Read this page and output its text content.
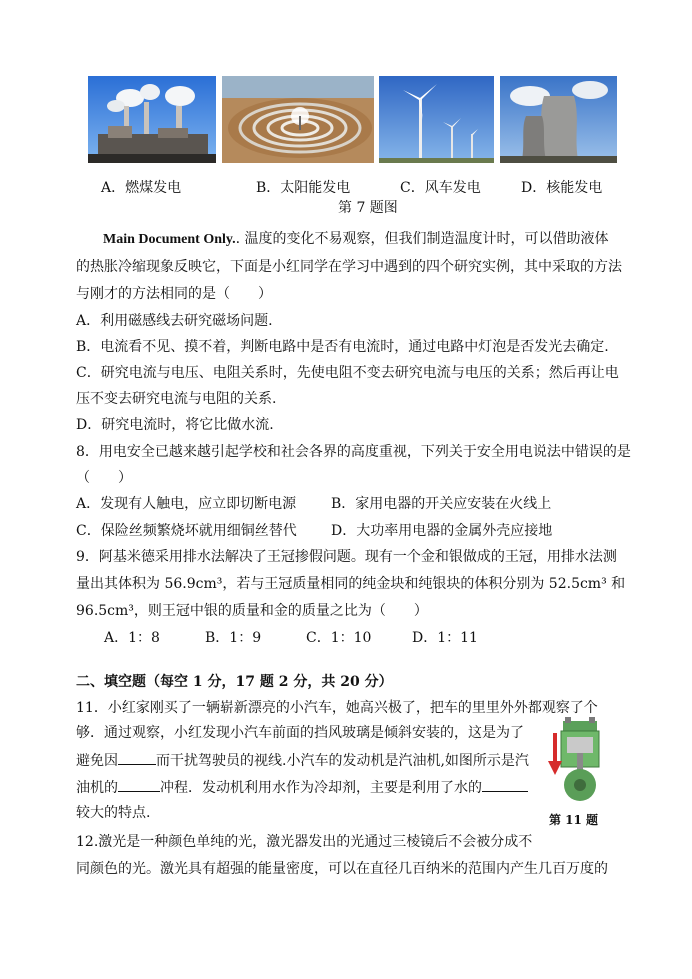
A．燃煤发电	B．太阳能发电	C．风车发电	D．核能发电
第 7 题图
Main Document Only.. 温度的变化不易观察，但我们制造温度计时，可以借助液体
的热胀冷缩现象反映它，下面是小红同学在学习中遇到的四个研究实例，其中采取的方法
与刚才的方法相同的是（　　）
A．利用磁感线去研究磁场问题.
B．电流看不见、摸不着，判断电路中是否有电流时，通过电路中灯泡是否发光去确定.
C．研究电流与电压、电阻关系时，先使电阻不变去研究电流与电压的关系；然后再让电
压不变去研究电流与电阻的关系.
D．研究电流时，将它比做水流.
8．用电安全已越来越引起学校和社会各界的高度重视，下列关于安全用电说法中错误的是
（　　）
A．发现有人触电，应立即切断电源 B．家用电器的开关应安装在火线上
C．保险丝频繁烧坏就用细铜丝替代 D．大功率用电器的金属外壳应接地
9．阿基米德采用排水法解决了王冠掺假问题。现有一个金和银做成的王冠，用排水法测
量出其体积为 56.9cm³，若与王冠质量相同的纯金块和纯银块的体积分别为 52.5cm³ 和
96.5cm³，则王冠中银的质量和金的质量之比为（　　）
A．1：8	B．1：9	C．1：10	D．1：11
二、填空题（每空 1 分，17 题 2 分，共 20 分）
11．小红家刚买了一辆崭新漂亮的小汽车，她高兴极了，把车的里里外外都观察了个
够．通过观察，小红发现小汽车前面的挡风玻璃是倾斜安装的，这是为了
避免因	而干扰驾驶员的视线.小汽车的发动机是汽油机,如图所示是汽
油机的	冲程．发动机利用水作为冷却剂，主要是利用了水的
较大的特点.	第 11 题
12.激光是一种颜色单纯的光，激光器发出的光通过三棱镜后不会被分成不
同颜色的光。激光具有超强的能量密度，可以在直径几百纳米的范围内产生几百万度的
